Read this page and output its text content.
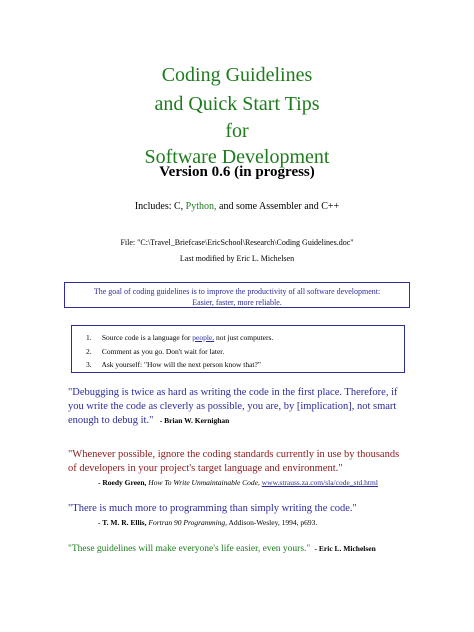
Coding Guidelines
and Quick Start Tips
for
Software Development
Version 0.6 (in progress)
Includes: C, Python, and some Assembler and C++
File: "C:\Travel_Briefcase\EricSchool\Research\Coding Guidelines.doc"
Last modified by Eric L. Michelsen
The goal of coding guidelines is to improve the productivity of all software development:
Easier, faster, more reliable.
1. Source code is a language for people, not just computers.
2. Comment as you go. Don't wait for later.
3. Ask yourself: "How will the next person know that?"
"Debugging is twice as hard as writing the code in the first place. Therefore, if you write the code as cleverly as possible, you are, by [implication], not smart enough to debug it." - Brian W. Kernighan
"Whenever possible, ignore the coding standards currently in use by thousands of developers in your project's target language and environment."
- Roedy Green, How To Write Unmaintainable Code, www.strauss.za.com/sla/code_std.html
"There is much more to programming than simply writing the code."
- T. M. R. Ellis, Fortran 90 Programming, Addison-Wesley, 1994, p693.
"These guidelines will make everyone's life easier, even yours." - Eric L. Michelsen
